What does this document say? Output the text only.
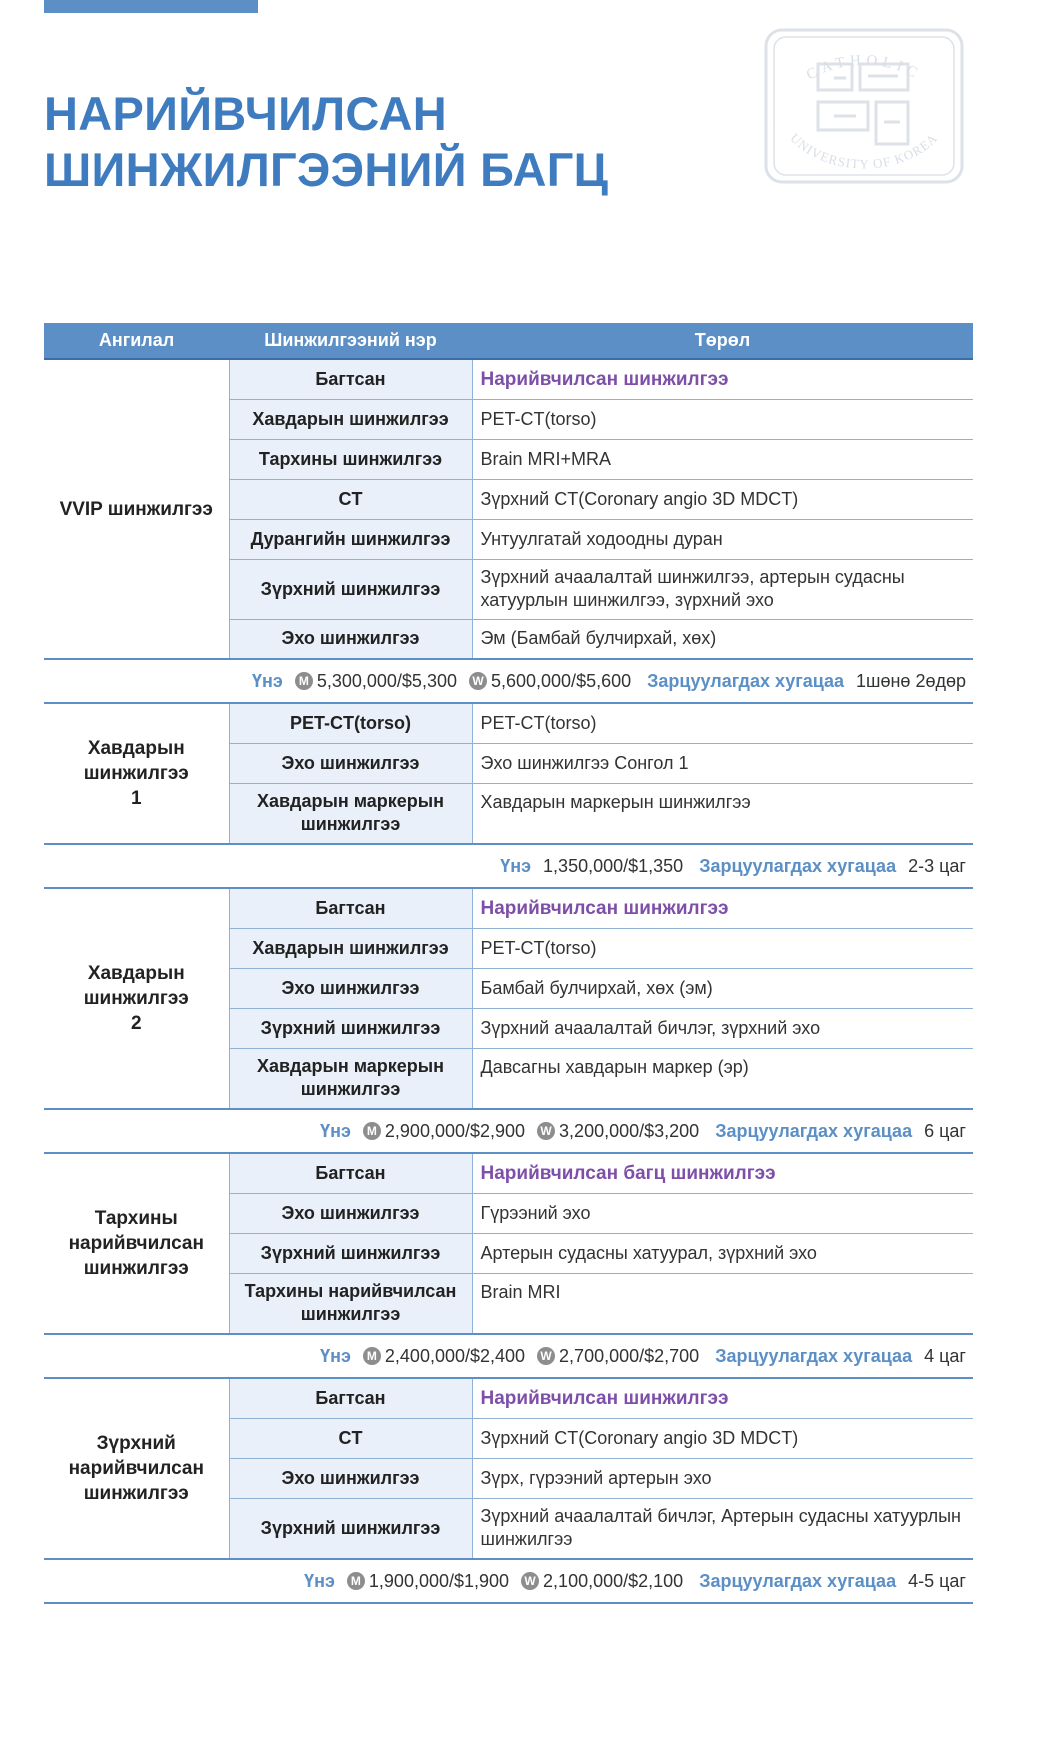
НАРИЙВЧИЛСАН
ШИНЖИЛГЭЭНИЙ БАГЦ
CATHOLIC
UNIVERSITY OF KOREA
Ангилал	Шинжилгээний нэр	Төрөл

VVIP шинжилгээ	Багтсан	Нарийвчилсан шинжилгээ

	Хавдарын шинжилгээ	PET-CT(torso)

	Тархины шинжилгээ	Brain MRI+MRA

	CT	Зүрхний CT(Coronary angio 3D MDCT)

	Дурангийн шинжилгээ	Унтуулгатай ходоодны дуран

	Зүрхний шинжилгээ	Зүрхний ачаалалтай шинжилгээ, артерын судасны
хатуурлын шинжилгээ, зүрхний эхо

	Эхо шинжилгээ	Эм (Бамбай булчирхай, хөх)

Үнэ M 5,300,000/$5,300 W 5,600,000/$5,600 Зарцуулагдах хугацаа 1шөнө 2өдөр		

Хавдарын
шинжилгээ
1	PET-CT(torso)	PET-CT(torso)

	Эхо шинжилгээ	Эхо шинжилгээ Сонгол 1

	Хавдарын маркерын
шинжилгээ	Хавдарын маркерын шинжилгээ

Үнэ 1,350,000/$1,350 Зарцуулагдах хугацаа 2-3 цаг		

Хавдарын
шинжилгээ
2	Багтсан	Нарийвчилсан шинжилгээ

	Хавдарын шинжилгээ	PET-CT(torso)

	Эхо шинжилгээ	Бамбай булчирхай, хөх (эм)

	Зүрхний шинжилгээ	Зүрхний ачаалалтай бичлэг, зүрхний эхо

	Хавдарын маркерын
шинжилгээ	Давсагны хавдарын маркер (эр)

Үнэ M 2,900,000/$2,900 W 3,200,000/$3,200 Зарцуулагдах хугацаа 6 цаг		

Тархины
нарийвчилсан
шинжилгээ	Багтсан	Нарийвчилсан багц шинжилгээ

	Эхо шинжилгээ	Гүрээний эхо

	Зүрхний шинжилгээ	Артерын судасны хатуурал, зүрхний эхо

	Тархины нарийвчилсан
шинжилгээ	Brain MRI

Үнэ M 2,400,000/$2,400 W 2,700,000/$2,700 Зарцуулагдах хугацаа 4 цаг		

Зүрхний
нарийвчилсан
шинжилгээ	Багтсан	Нарийвчилсан шинжилгээ

	CT	Зүрхний CT(Coronary angio 3D MDCT)

	Эхо шинжилгээ	Зүрх, гүрээний артерын эхо

	Зүрхний шинжилгээ	Зүрхний ачаалалтай бичлэг, Артерын судасны хатуурлын
шинжилгээ

Үнэ M 1,900,000/$1,900 W 2,100,000/$2,100 Зарцуулагдах хугацаа 4-5 цаг		
